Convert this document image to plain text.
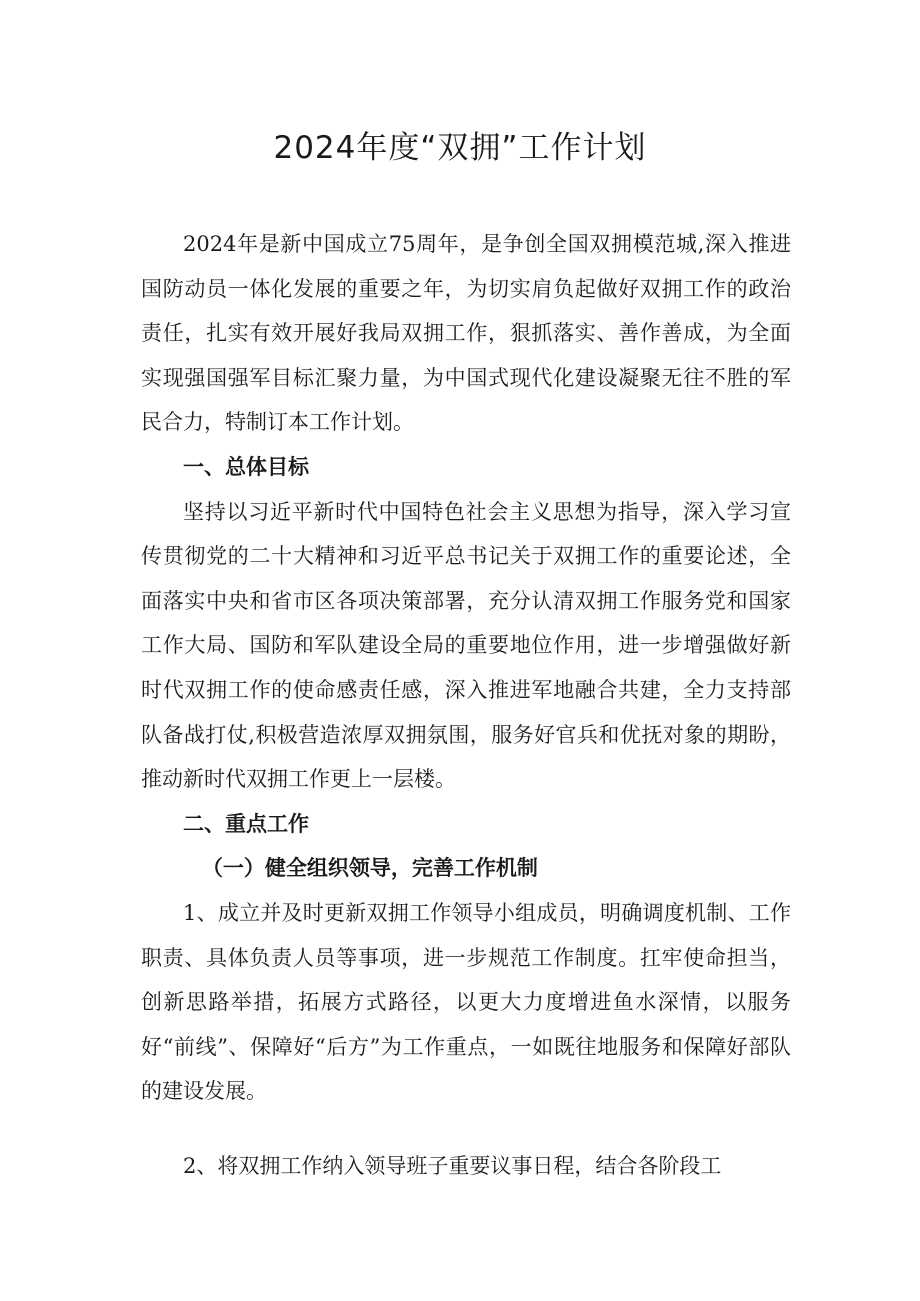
2024年度“双拥”工作计划

2024年是新中国成立75周年，是争创全国双拥模范城,深入推进国防动员一体化发展的重要之年，为切实肩负起做好双拥工作的政治责任，扎实有效开展好我局双拥工作，狠抓落实、善作善成，为全面实现强国强军目标汇聚力量，为中国式现代化建设凝聚无往不胜的军民合力，特制订本工作计划。

一、总体目标

坚持以习近平新时代中国特色社会主义思想为指导，深入学习宣传贯彻党的二十大精神和习近平总书记关于双拥工作的重要论述，全面落实中央和省市区各项决策部署，充分认清双拥工作服务党和国家工作大局、国防和军队建设全局的重要地位作用，进一步增强做好新时代双拥工作的使命感责任感，深入推进军地融合共建，全力支持部队备战打仗,积极营造浓厚双拥氛围，服务好官兵和优抚对象的期盼，推动新时代双拥工作更上一层楼。

二、重点工作

（一）健全组织领导，完善工作机制

1、成立并及时更新双拥工作领导小组成员，明确调度机制、工作职责、具体负责人员等事项，进一步规范工作制度。扛牢使命担当，创新思路举措，拓展方式路径，以更大力度增进鱼水深情，以服务好“前线”、保障好“后方”为工作重点，一如既往地服务和保障好部队的建设发展。

2、将双拥工作纳入领导班子重要议事日程，结合各阶段工
